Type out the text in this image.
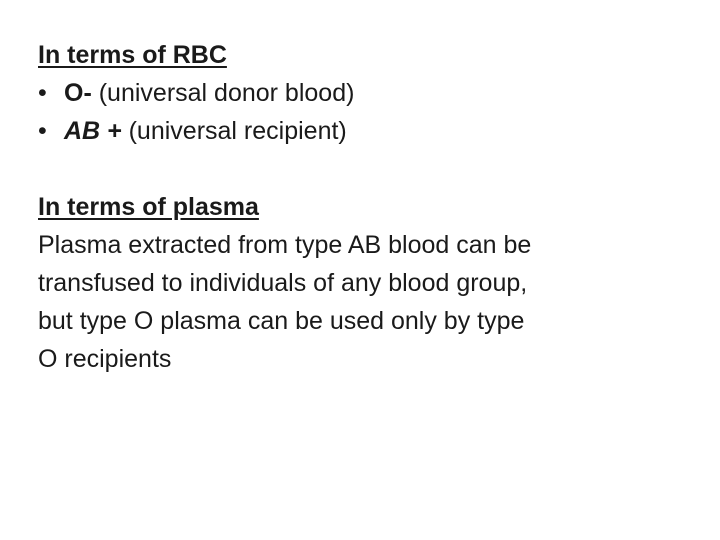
In terms of RBC

• O- (universal donor blood)
• AB + (universal recipient)

In terms of plasma

Plasma extracted from type AB blood can be
transfused to individuals of any blood group,
but type O plasma can be used only by type
O recipients
